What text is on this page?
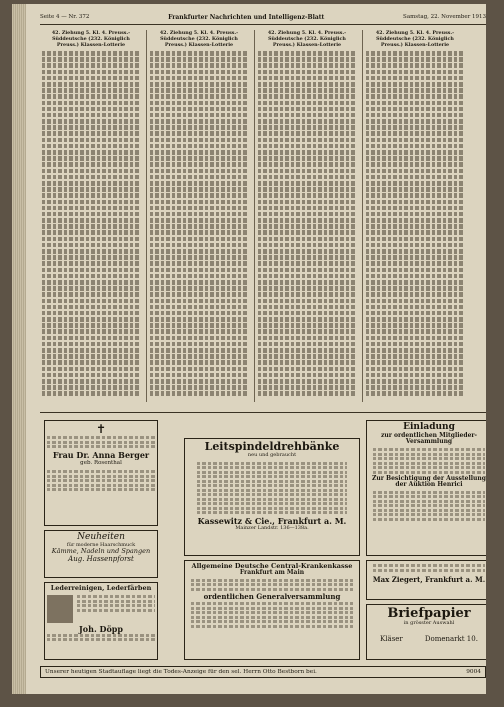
Seite 4 — Nr. 372	Frankfurter Nachrichten und Intelligenz-Blatt	Samstag, 22. November 1913
42. Ziehung 5. Kl. 4. Preuss.-Süddeutsche (232. Königlich Preuss.) Klassen-Lotterie
42. Ziehung 5. Kl. 4. Preuss.-Süddeutsche (232. Königlich Preuss.) Klassen-Lotterie
42. Ziehung 5. Kl. 4. Preuss.-Süddeutsche (232. Königlich Preuss.) Klassen-Lotterie
42. Ziehung 5. Kl. 4. Preuss.-Süddeutsche (232. Königlich Preuss.) Klassen-Lotterie
✝
Frau Dr. Anna Berger
geb. Rosenthal
Neuheiten
für moderne Haarschmuck
Kämme, Nadeln und Spangen
Aug. Hassenpforst
Lederreinigen, Lederfärben
Joh. Döpp
Leitspindeldrehbänke
neu und gebraucht
Kassewitz & Cie., Frankfurt a. M.
Mainzer Landstr. 136—138a.
Allgemeine Deutsche Central-Krankenkasse
Frankfurt am Main
ordentlichen Generalversammlung
Einladung
zur ordentlichen Mitglieder-Versammlung
Zur Besichtigung der Ausstellung der Auktion Henrici
Max Ziegert, Frankfurt a. M.
Briefpapier
in grösster Auswahl
Kläser	Domenarkt 10.
Unserer heutigen Stadtauflage liegt die Todes-Anzeige für den sel. Herrn Otto Bestborn bei.	9004
